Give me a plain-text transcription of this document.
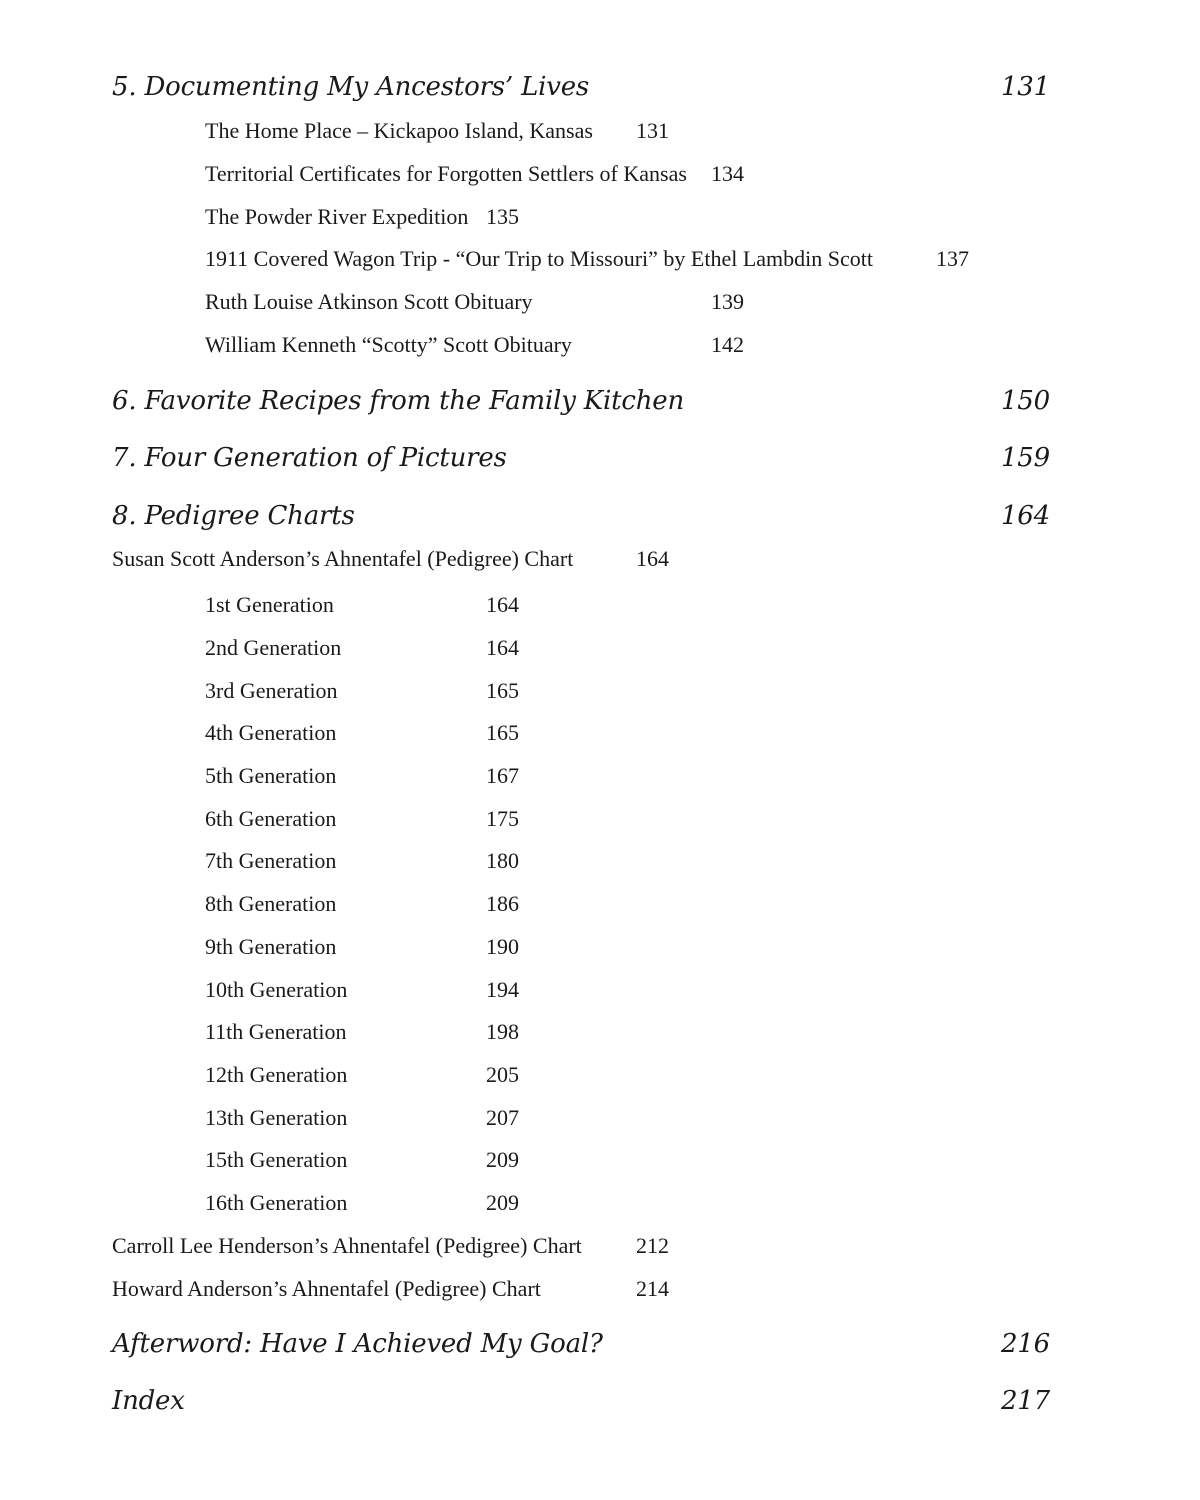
5. Documenting My Ancestors’ Lives	131
The Home Place – Kickapoo Island, Kansas 131
Territorial Certificates for Forgotten Settlers of Kansas 134
The Powder River Expedition 135
1911 Covered Wagon Trip - “Our Trip to Missouri” by Ethel Lambdin Scott	137
Ruth Louise Atkinson Scott Obituary	139
William Kenneth “Scotty” Scott Obituary	142
6. Favorite Recipes from the Family Kitchen	150
7. Four Generation of Pictures	159
8. Pedigree Charts	164
Susan Scott Anderson’s Ahnentafel (Pedigree) Chart	164
1st Generation	164
2nd Generation	164
3rd Generation	165
4th Generation	165
5th Generation	167
6th Generation	175
7th Generation	180
8th Generation	186
9th Generation	190
10th Generation	194
11th Generation	198
12th Generation	205
13th Generation	207
15th Generation	209
16th Generation	209
Carroll Lee Henderson’s Ahnentafel (Pedigree) Chart 212
Howard Anderson’s Ahnentafel (Pedigree) Chart	214
Afterword: Have I Achieved My Goal?	216
Index	217
